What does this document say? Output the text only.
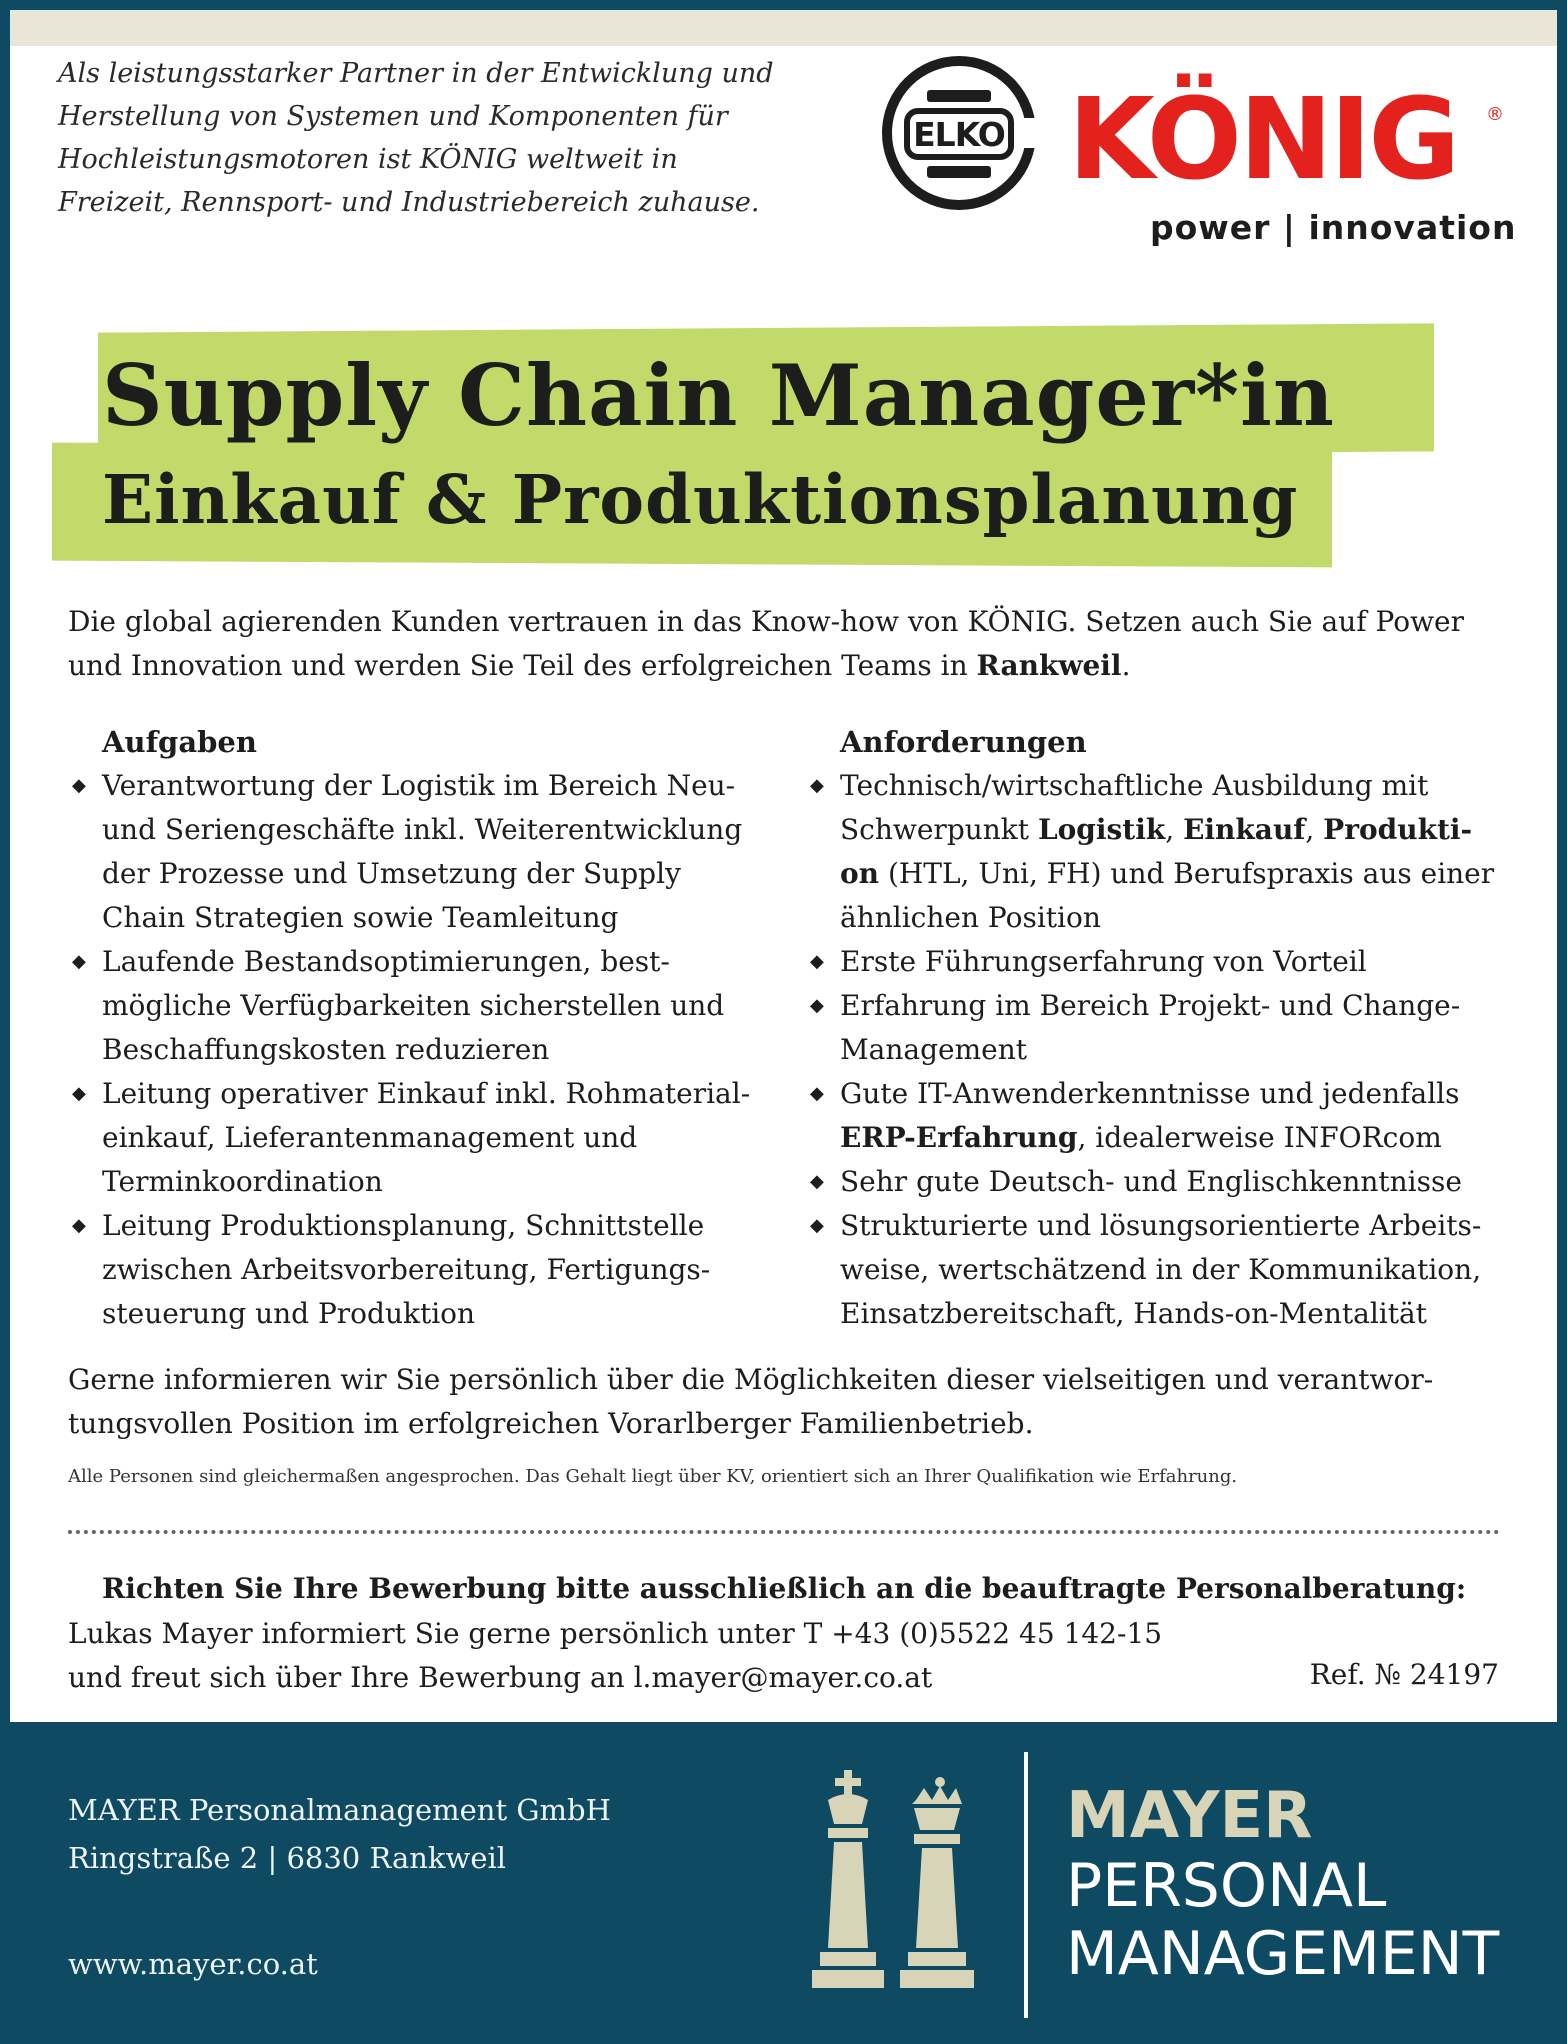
Als leistungsstarker Partner in der Entwicklung und Herstellung von Systemen und Komponenten für Hochleistungsmotoren ist KÖNIG weltweit in Freizeit, Rennsport- und Industriebereich zuhause.
ELKO KÖNIG ®
power | innovation
Supply Chain Manager*in
Einkauf & Produktionsplanung
Die global agierenden Kunden vertrauen in das Know-how von KÖNIG. Setzen auch Sie auf Power und Innovation und werden Sie Teil des erfolgreichen Teams in Rankweil.
Aufgaben
◆ Verantwortung der Logistik im Bereich Neu-
und Seriengeschäfte inkl. Weiterentwicklung
der Prozesse und Umsetzung der Supply
Chain Strategien sowie Teamleitung
◆ Laufende Bestandsoptimierungen, best-
mögliche Verfügbarkeiten sicherstellen und
Beschaffungskosten reduzieren
◆ Leitung operativer Einkauf inkl. Rohmaterial-
einkauf, Lieferantenmanagement und
Terminkoordination
◆ Leitung Produktionsplanung, Schnittstelle
zwischen Arbeitsvorbereitung, Fertigungs-
steuerung und Produktion
Anforderungen
◆ Technisch/wirtschaftliche Ausbildung mit
Schwerpunkt Logistik, Einkauf, Produkti-
on (HTL, Uni, FH) und Berufspraxis aus einer
ähnlichen Position
◆ Erste Führungserfahrung von Vorteil
◆ Erfahrung im Bereich Projekt- und Change-
Management
◆ Gute IT-Anwenderkenntnisse und jedenfalls
ERP-Erfahrung, idealerweise INFORcom
◆ Sehr gute Deutsch- und Englischkenntnisse
◆ Strukturierte und lösungsorientierte Arbeits-
weise, wertschätzend in der Kommunikation,
Einsatzbereitschaft, Hands-on-Mentalität
Gerne informieren wir Sie persönlich über die Möglichkeiten dieser vielseitigen und verantwor-
tungsvollen Position im erfolgreichen Vorarlberger Familienbetrieb.
Alle Personen sind gleichermaßen angesprochen. Das Gehalt liegt über KV, orientiert sich an Ihrer Qualifikation wie Erfahrung.
Richten Sie Ihre Bewerbung bitte ausschließlich an die beauftragte Personalberatung:
Lukas Mayer informiert Sie gerne persönlich unter T +43 (0)5522 45 142-15
und freut sich über Ihre Bewerbung an l.mayer@mayer.co.at	Ref. № 24197
MAYER Personalmanagement GmbH
Ringstraße 2 | 6830 Rankweil
www.mayer.co.at
MAYER
PERSONAL
MANAGEMENT
